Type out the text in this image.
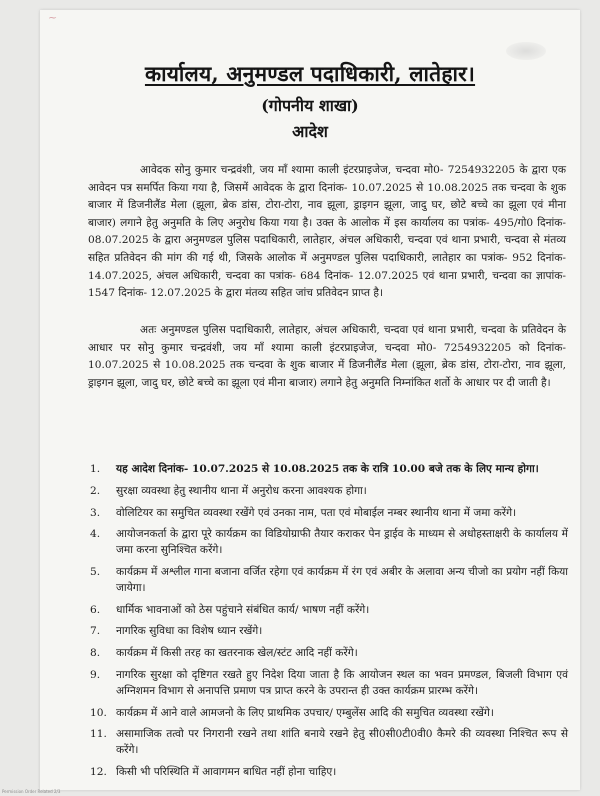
~
कार्यालय, अनुमण्डल पदाधिकारी, लातेहार।
(गोपनीय शाखा)
आदेश
आवेदक सोनु कुमार चन्द्रवंशी, जय माँ श्यामा काली इंटरप्राइजेज, चन्दवा मो0- 7254932205 के द्वारा एक आवेदन पत्र समर्पित किया गया है, जिसमें आवेदक के द्वारा दिनांक- 10.07.2025 से 10.08.2025 तक चन्दवा के शुक बाजार में डिजनीलैंड मेला (झूला, ब्रेक डांस, टोरा-टोरा, नाव झूला, ड्राइगन झूला, जादु घर, छोटे बच्चे का झूला एवं मीना बाजार) लगाने हेतु अनुमति के लिए अनुरोध किया गया है। उक्त के आलोक में इस कार्यालय का पत्रांक- 495/गो0 दिनांक- 08.07.2025 के द्वारा अनुमण्डल पुलिस पदाधिकारी, लातेहार, अंचल अधिकारी, चन्दवा एवं थाना प्रभारी, चन्दवा से मंतव्य सहित प्रतिवेदन की मांग की गई थी, जिसके आलोक में अनुमण्डल पुलिस पदाधिकारी, लातेहार का पत्रांक- 952 दिनांक- 14.07.2025, अंचल अधिकारी, चन्दवा का पत्रांक- 684 दिनांक- 12.07.2025 एवं थाना प्रभारी, चन्दवा का ज्ञापांक- 1547 दिनांक- 12.07.2025 के द्वारा मंतव्य सहित जांच प्रतिवेदन प्राप्त है।
अतः अनुमण्डल पुलिस पदाधिकारी, लातेहार, अंचल अधिकारी, चन्दवा एवं थाना प्रभारी, चन्दवा के प्रतिवेदन के आधार पर सोनु कुमार चन्द्रवंशी, जय माँ श्यामा काली इंटरप्राइजेज, चन्दवा मो0- 7254932205 को दिनांक- 10.07.2025 से 10.08.2025 तक चन्दवा के शुक बाजार में डिजनीलैंड मेला (झूला, ब्रेक डांस, टोरा-टोरा, नाव झूला, ड्राइगन झूला, जादु घर, छोटे बच्चे का झूला एवं मीना बाजार) लगाने हेतु अनुमति निम्नांकित शर्तो के आधार पर दी जाती है।
1.	यह आदेश दिनांक- 10.07.2025 से 10.08.2025 तक के रात्रि 10.00 बजे तक के लिए मान्य होगा।
2.	सुरक्षा व्यवस्था हेतु स्थानीय थाना में अनुरोध करना आवश्यक होगा।
3.	वोलिटियर का समुचित व्यवस्था रखेंगे एवं उनका नाम, पता एवं मोबाईल नम्बर स्थानीय थाना में जमा करेंगे।
4.	आयोजनकर्ता के द्वारा पूरे कार्यक्रम का विडियोग्राफी तैयार कराकर पेन ड्राईव के माध्यम से अधोहस्ताक्षरी के कार्यालय में जमा करना सुनिश्चित करेंगे।
5.	कार्यक्रम में अश्लील गाना बजाना वर्जित रहेगा एवं कार्यक्रम में रंग एवं अबीर के अलावा अन्य चीजो का प्रयोग नहीं किया जायेगा।
6.	धार्मिक भावनाओं को ठेस पहुंचाने संबंधित कार्य/ भाषण नहीं करेंगे।
7.	नागरिक सुविधा का विशेष ध्यान रखेंगे।
8.	कार्यक्रम में किसी तरह का खतरनाक खेल/स्टंट आदि नहीं करेंगे।
9.	नागरिक सुरक्षा को दृष्टिगत रखते हुए निदेश दिया जाता है कि आयोजन स्थल का भवन प्रमण्डल, बिजली विभाग एवं अग्निशमन विभाग से अनापत्ति प्रमाण पत्र प्राप्त करने के उपरान्त ही उक्त कार्यक्रम प्रारम्भ करेंगे।
10. कार्यक्रम में आने वाले आमजनो के लिए प्राथमिक उपचार/ एम्बुलेंस आदि की समुचित व्यवस्था रखेंगे।
11. असामाजिक तत्वो पर निगरानी रखने तथा शांति बनाये रखने हेतु सी0सी0टी0वी0 कैमरे की व्यवस्था निश्चित रूप से करेंगे।
12. किसी भी परिस्थिति में आवागमन बाधित नहीं होना चाहिए।
Permission Order Related 2/3
